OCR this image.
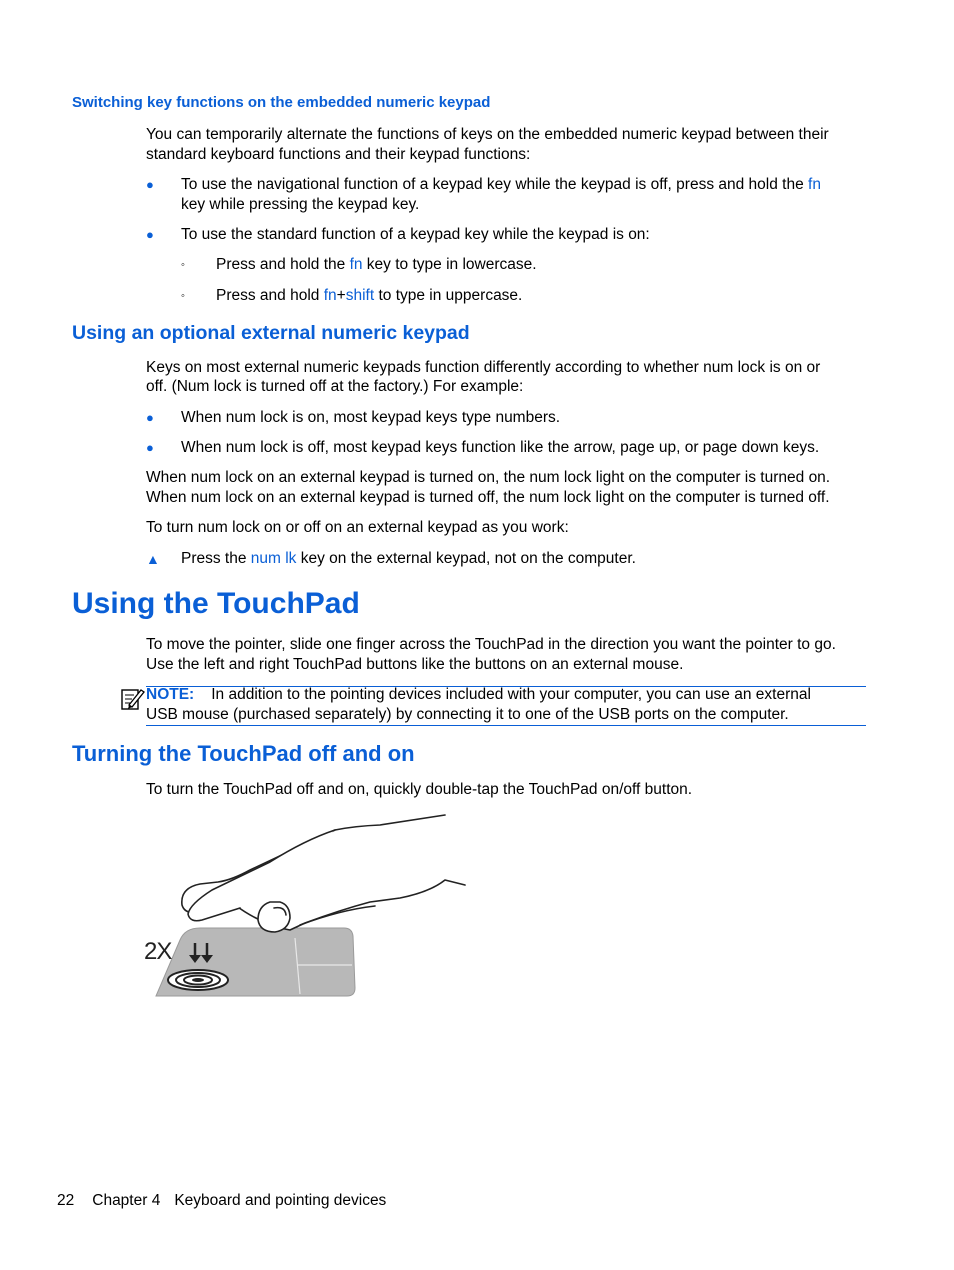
Switching key functions on the embedded numeric keypad

You can temporarily alternate the functions of keys on the embedded numeric keypad between their

standard keyboard functions and their keypad functions:

● To use the navigational function of a keypad key while the keypad is off, press and hold the fn

key while pressing the keypad key.

● To use the standard function of a keypad key while the keypad is on:

◦ Press and hold the fn key to type in lowercase.

◦ Press and hold fn+shift to type in uppercase.

Using an optional external numeric keypad

Keys on most external numeric keypads function differently according to whether num lock is on or

off. (Num lock is turned off at the factory.) For example:

● When num lock is on, most keypad keys type numbers.

● When num lock is off, most keypad keys function like the arrow, page up, or page down keys.

When num lock on an external keypad is turned on, the num lock light on the computer is turned on.

When num lock on an external keypad is turned off, the num lock light on the computer is turned off.

To turn num lock on or off on an external keypad as you work:

▲ Press the num lk key on the external keypad, not on the computer.

Using the TouchPad

To move the pointer, slide one finger across the TouchPad in the direction you want the pointer to go.

Use the left and right TouchPad buttons like the buttons on an external mouse.

NOTE: In addition to the pointing devices included with your computer, you can use an external

USB mouse (purchased separately) by connecting it to one of the USB ports on the computer.

Turning the TouchPad off and on

To turn the TouchPad off and on, quickly double-tap the TouchPad on/off button.

2X
22 Chapter 4 Keyboard and pointing devices
